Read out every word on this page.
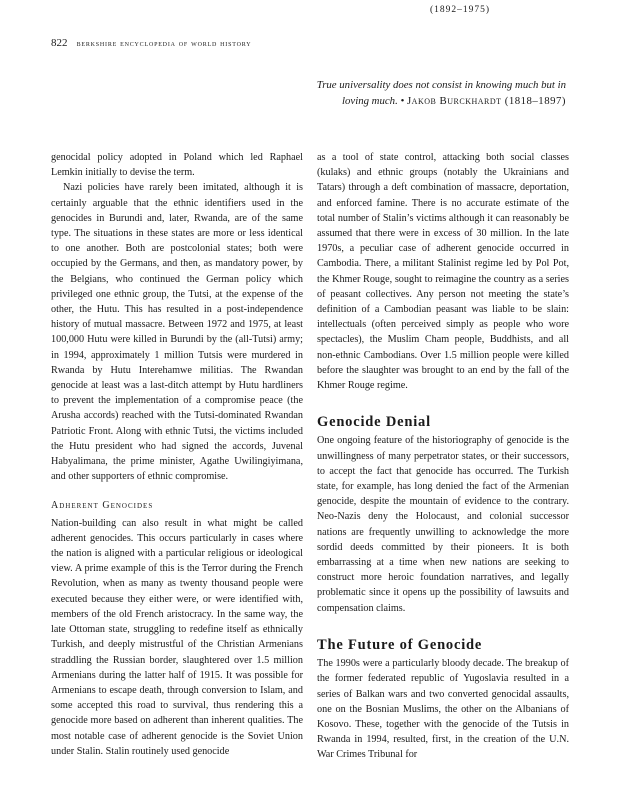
(1892–1975)
822 berkshire encyclopedia of world history
True universality does not consist in knowing much but in loving much. • Jakob Burckhardt (1818–1897)

genocidal policy adopted in Poland which led Raphael Lemkin initially to devise the term.

Nazi policies have rarely been imitated, although it is certainly arguable that the ethnic identifiers used in the genocides in Burundi and, later, Rwanda, are of the same type. The situations in these states are more or less identical to one another. Both are postcolonial states; both were occupied by the Germans, and then, as mandatory power, by the Belgians, who continued the German policy which privileged one ethnic group, the Tutsi, at the expense of the other, the Hutu. This has resulted in a post-independence history of mutual massacre. Between 1972 and 1975, at least 100,000 Hutu were killed in Burundi by the (all-Tutsi) army; in 1994, approximately 1 million Tutsis were murdered in Rwanda by Hutu Interehamwe militias. The Rwandan genocide at least was a last-ditch attempt by Hutu hardliners to prevent the implementation of a compromise peace (the Arusha accords) reached with the Tutsi-dominated Rwandan Patriotic Front. Along with ethnic Tutsi, the victims included the Hutu president who had signed the accords, Juvenal Habyalimana, the prime minister, Agathe Uwilingiyimana, and other supporters of ethnic compromise.

Adherent Genocides

Nation-building can also result in what might be called adherent genocides. This occurs particularly in cases where the nation is aligned with a particular religious or ideological view. A prime example of this is the Terror during the French Revolution, when as many as twenty thousand people were executed because they either were, or were identified with, members of the old French aristocracy. In the same way, the late Ottoman state, struggling to redefine itself as ethnically Turkish, and deeply mistrustful of the Christian Armenians straddling the Russian border, slaughtered over 1.5 million Armenians during the latter half of 1915. It was possible for Armenians to escape death, through conversion to Islam, and some accepted this road to survival, thus rendering this a genocide more based on adherent than inherent qualities. The most notable case of adherent genocide is the Soviet Union under Stalin. Stalin routinely used genocide

as a tool of state control, attacking both social classes (kulaks) and ethnic groups (notably the Ukrainians and Tatars) through a deft combination of massacre, deportation, and enforced famine. There is no accurate estimate of the total number of Stalin’s victims although it can reasonably be assumed that there were in excess of 30 million. In the late 1970s, a peculiar case of adherent genocide occurred in Cambodia. There, a militant Stalinist regime led by Pol Pot, the Khmer Rouge, sought to reimagine the country as a series of peasant collectives. Any person not meeting the state’s definition of a Cambodian peasant was liable to be slain: intellectuals (often perceived simply as people who wore spectacles), the Muslim Cham people, Buddhists, and all non-ethnic Cambodians. Over 1.5 million people were killed before the slaughter was brought to an end by the fall of the Khmer Rouge regime.

Genocide Denial

One ongoing feature of the historiography of genocide is the unwillingness of many perpetrator states, or their successors, to accept the fact that genocide has occurred. The Turkish state, for example, has long denied the fact of the Armenian genocide, despite the mountain of evidence to the contrary. Neo-Nazis deny the Holocaust, and colonial successor nations are frequently unwilling to acknowledge the more sordid deeds committed by their pioneers. It is both embarrassing at a time when new nations are seeking to construct more heroic foundation narratives, and legally problematic since it opens up the possibility of lawsuits and compensation claims.

The Future of Genocide

The 1990s were a particularly bloody decade. The breakup of the former federated republic of Yugoslavia resulted in a series of Balkan wars and two converted genocidal assaults, one on the Bosnian Muslims, the other on the Albanians of Kosovo. These, together with the genocide of the Tutsis in Rwanda in 1994, resulted, first, in the creation of the U.N. War Crimes Tribunal for
